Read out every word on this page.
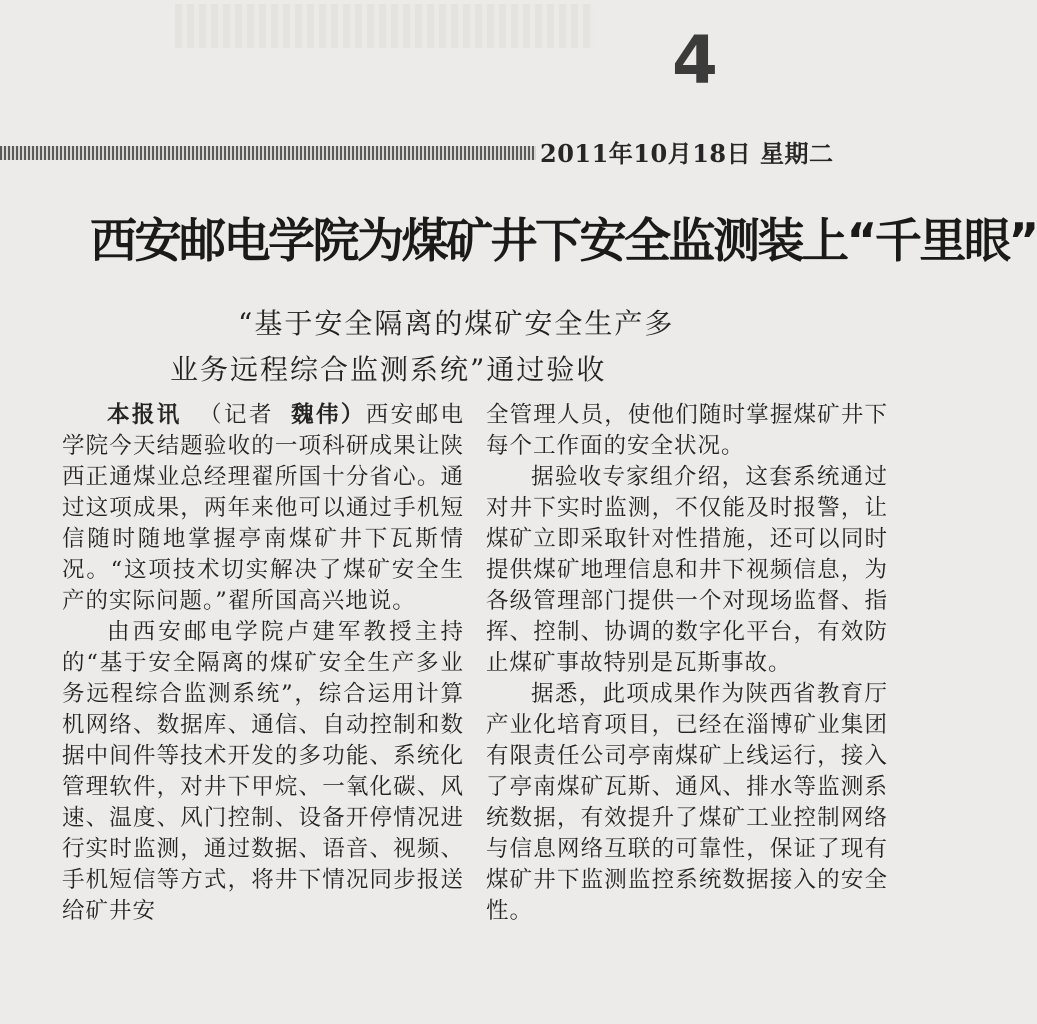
4
2011年10月18日 星期二
西安邮电学院为煤矿井下安全监测装上“千里眼”
“基于安全隔离的煤矿安全生产多
业务远程综合监测系统”通过验收

本报讯 （记者 魏伟）西安邮电学院今天结题验收的一项科研成果让陕西正通煤业总经理翟所国十分省心。通过这项成果，两年来他可以通过手机短信随时随地掌握亭南煤矿井下瓦斯情况。“这项技术切实解决了煤矿安全生产的实际问题。”翟所国高兴地说。

由西安邮电学院卢建军教授主持的“基于安全隔离的煤矿安全生产多业务远程综合监测系统”，综合运用计算机网络、数据库、通信、自动控制和数据中间件等技术开发的多功能、系统化管理软件，对井下甲烷、一氧化碳、风速、温度、风门控制、设备开停情况进行实时监测，通过数据、语音、视频、手机短信等方式，将井下情况同步报送给矿井安

全管理人员，使他们随时掌握煤矿井下每个工作面的安全状况。

据验收专家组介绍，这套系统通过对井下实时监测，不仅能及时报警，让煤矿立即采取针对性措施，还可以同时提供煤矿地理信息和井下视频信息，为各级管理部门提供一个对现场监督、指挥、控制、协调的数字化平台，有效防止煤矿事故特别是瓦斯事故。

据悉，此项成果作为陕西省教育厅产业化培育项目，已经在淄博矿业集团有限责任公司亭南煤矿上线运行，接入了亭南煤矿瓦斯、通风、排水等监测系统数据，有效提升了煤矿工业控制网络与信息网络互联的可靠性，保证了现有煤矿井下监测监控系统数据接入的安全性。
